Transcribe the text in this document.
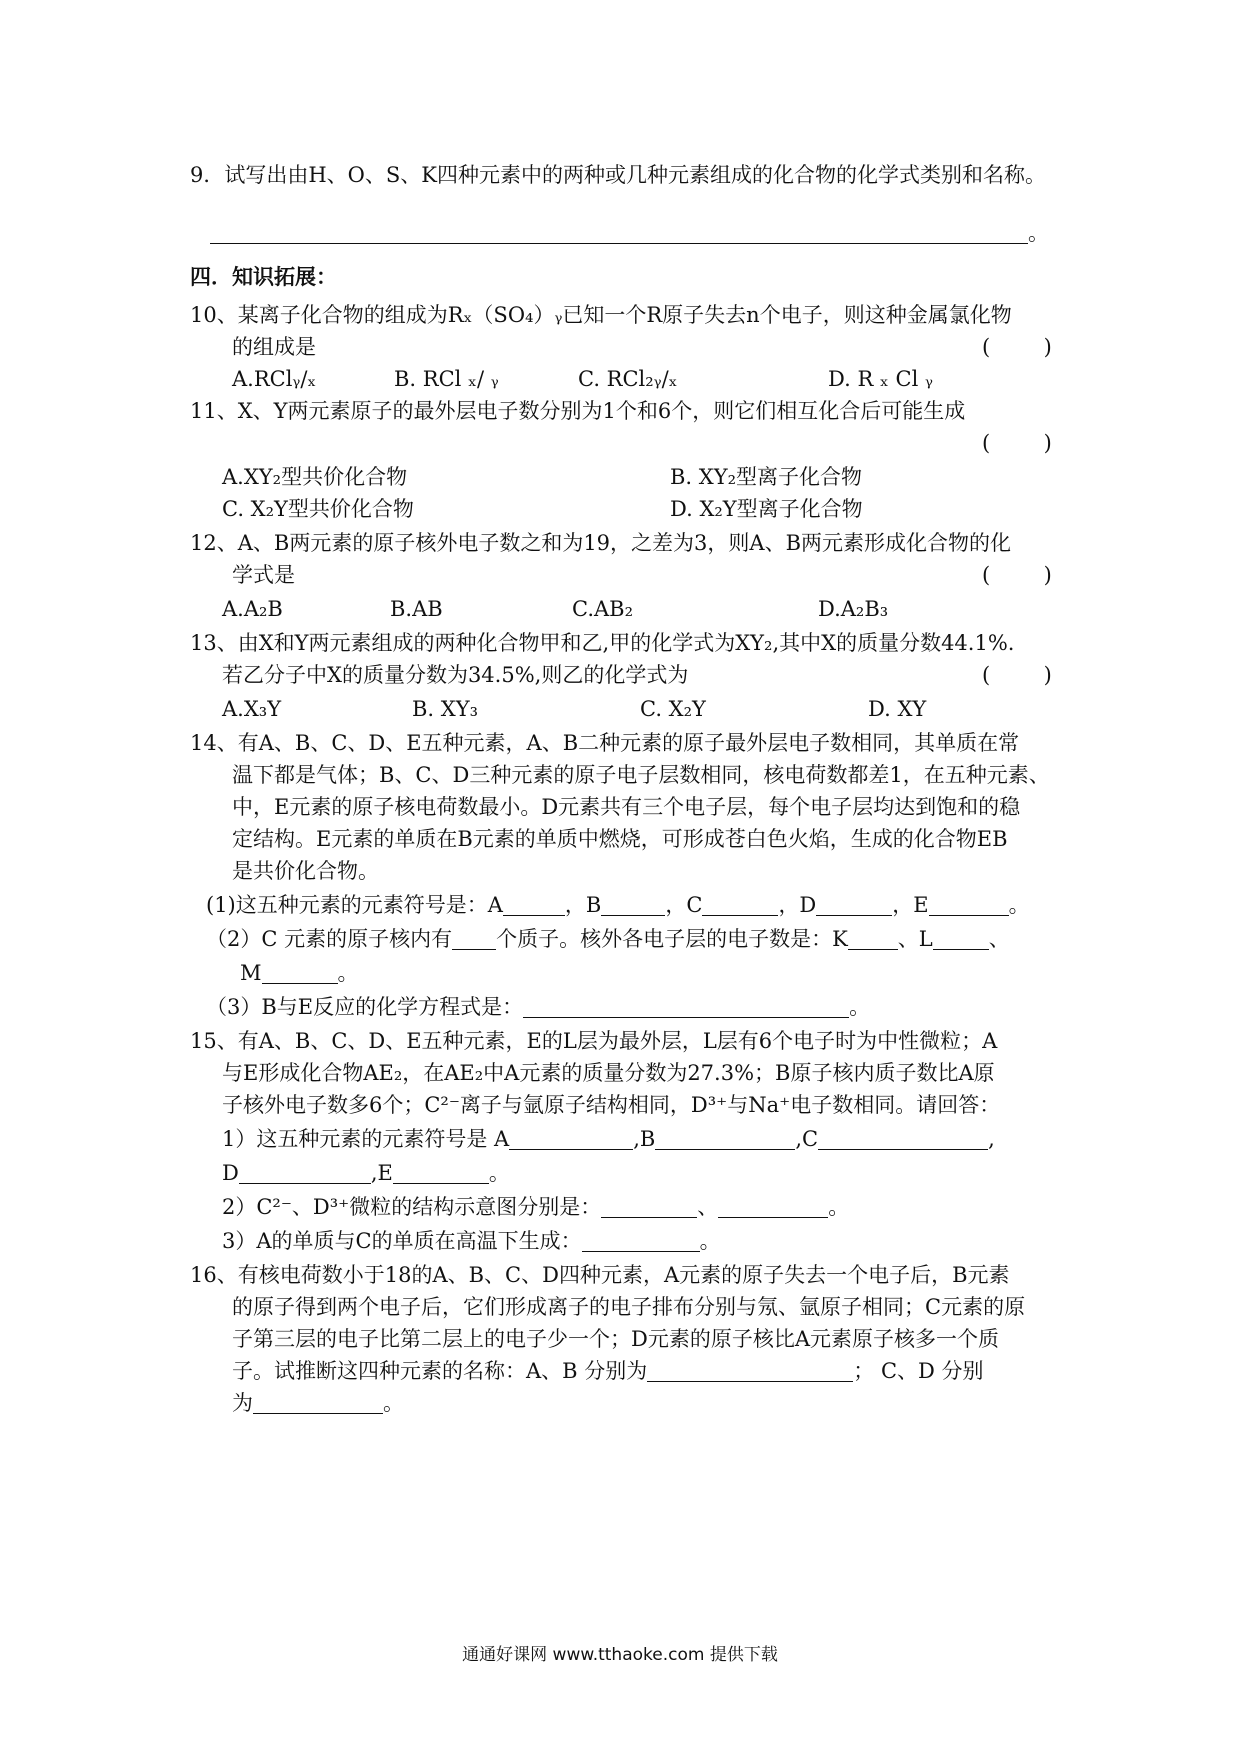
9．试写出由H、O、S、K四种元素中的两种或几种元素组成的化合物的化学式类别和名称。
。
四．知识拓展：
10、某离子化合物的组成为Rₓ（SO₄）ᵧ已知一个R原子失去n个电子，则这种金属氯化物
的组成是	(        )
A.RClᵧ/ₓ	B. RCl ₓ/ ᵧ	C. RCl₂ᵧ/ₓ	D. R ₓ Cl ᵧ
11、X、Y两元素原子的最外层电子数分别为1个和6个，则它们相互化合后可能生成
(        )
A.XY₂型共价化合物	B. XY₂型离子化合物
C. X₂Y型共价化合物	D. X₂Y型离子化合物
12、A、B两元素的原子核外电子数之和为19，之差为3，则A、B两元素形成化合物的化
学式是	(        )
A.A₂B	B.AB	C.AB₂	D.A₂B₃
13、由X和Y两元素组成的两种化合物甲和乙,甲的化学式为XY₂,其中X的质量分数44.1%.
若乙分子中X的质量分数为34.5%,则乙的化学式为	(        )
A.X₃Y	B. XY₃	C. X₂Y	D. XY
14、有A、B、C、D、E五种元素，A、B二种元素的原子最外层电子数相同，其单质在常
温下都是气体；B、C、D三种元素的原子电子层数相同，核电荷数都差1，在五种元素、
中，E元素的原子核电荷数最小。D元素共有三个电子层，每个电子层均达到饱和的稳
定结构。E元素的单质在B元素的单质中燃烧，可形成苍白色火焰，生成的化合物EB
是共价化合物。
(1)这五种元素的元素符号是：A	，B	，C	，D	，E	。
（2）C 元素的原子核内有 个质子。核外各电子层的电子数是：K 、L	、
M	。
（3）B与E反应的化学方程式是：	。
15、有A、B、C、D、E五种元素，E的L层为最外层，L层有6个电子时为中性微粒；A
与E形成化合物AE₂，在AE₂中A元素的质量分数为27.3%；B原子核内质子数比A原
子核外电子数多6个；C²⁻离子与氩原子结构相同，D³⁺与Na⁺电子数相同。请回答：
1）这五种元素的元素符号是 A	,B	,C	,
D	,E	。
2）C²⁻、D³⁺微粒的结构示意图分别是：	、	。
3）A的单质与C的单质在高温下生成：	。
16、有核电荷数小于18的A、B、C、D四种元素，A元素的原子失去一个电子后，B元素
的原子得到两个电子后，它们形成离子的电子排布分别与氖、氩原子相同；C元素的原
子第三层的电子比第二层上的电子少一个；D元素的原子核比A元素原子核多一个质
子。试推断这四种元素的名称：A、B 分别为	； C、D 分别
为	。
通通好课网 www.tthaoke.com 提供下载
